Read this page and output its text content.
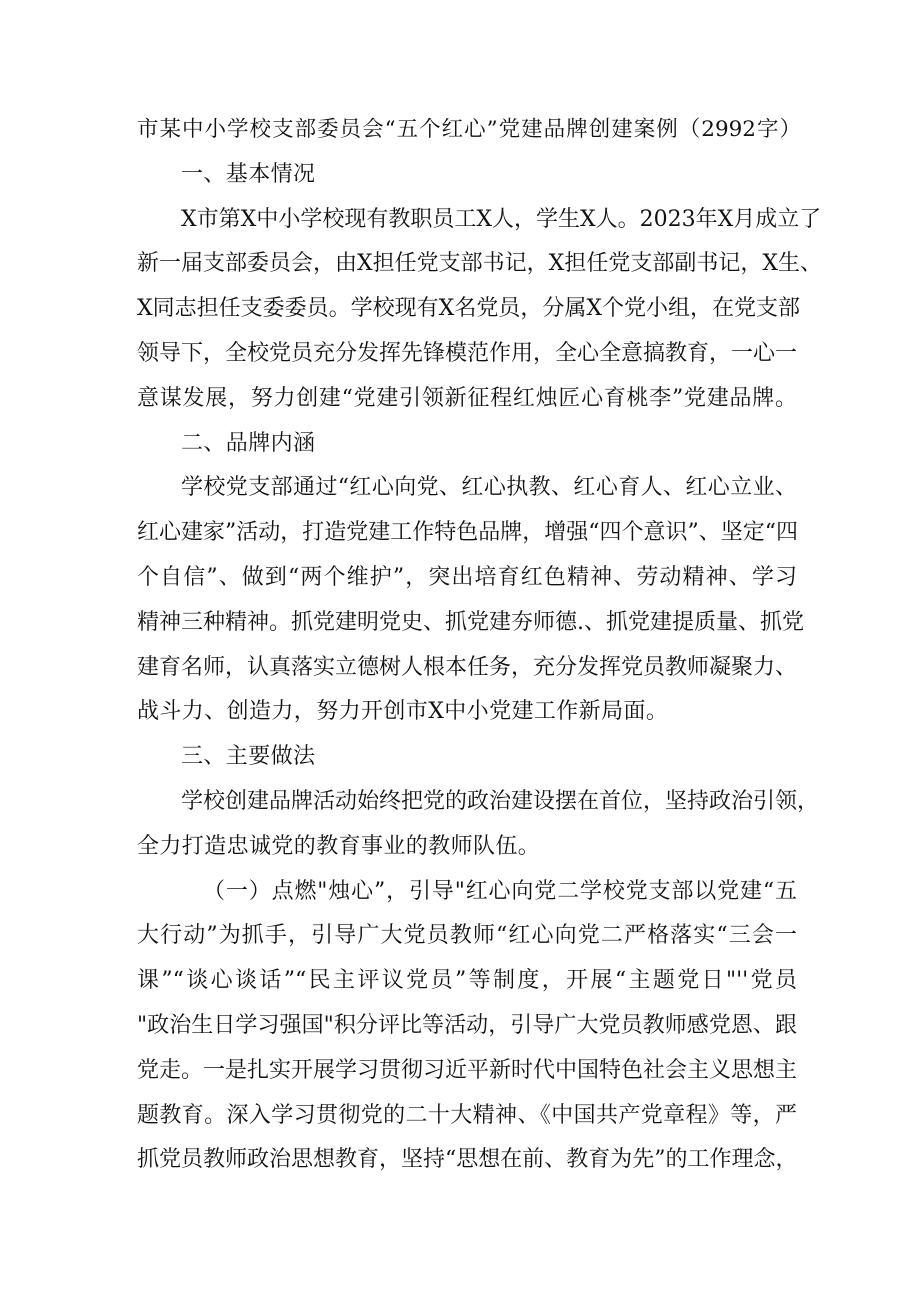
市某中小学校支部委员会“五个红心”党建品牌创建案例（2992字）
一、基本情况
X市第X中小学校现有教职员工X人，学生X人。2023年X月成立了
新一届支部委员会，由X担任党支部书记，X担任党支部副书记，X生、
X同志担任支委委员。学校现有X名党员，分属X个党小组，在党支部
领导下，全校党员充分发挥先锋模范作用，全心全意搞教育，一心一
意谋发展，努力创建“党建引领新征程红烛匠心育桃李”党建品牌。
二、品牌内涵
学校党支部通过“红心向党、红心执教、红心育人、红心立业、
红心建家”活动，打造党建工作特色品牌，增强“四个意识”、坚定“四
个自信”、做到“两个维护”，突出培育红色精神、劳动精神、学习
精神三种精神。抓党建明党史、抓党建夯师德.、抓党建提质量、抓党
建育名师，认真落实立德树人根本任务，充分发挥党员教师凝聚力、
战斗力、创造力，努力开创市X中小党建工作新局面。
三、主要做法
学校创建品牌活动始终把党的政治建设摆在首位，坚持政治引领，
全力打造忠诚党的教育事业的教师队伍。
（一）点燃"烛心”，引导"红心向党二学校党支部以党建“五
大行动”为抓手，引导广大党员教师“红心向党二严格落实“三会一
课”“谈心谈话”“民主评议党员”等制度，开展“主题党日"''党员
"政治生日学习强国"积分评比等活动，引导广大党员教师感党恩、跟
党走。一是扎实开展学习贯彻习近平新时代中国特色社会主义思想主
题教育。深入学习贯彻党的二十大精神、《中国共产党章程》等，严
抓党员教师政治思想教育，坚持“思想在前、教育为先”的工作理念，
